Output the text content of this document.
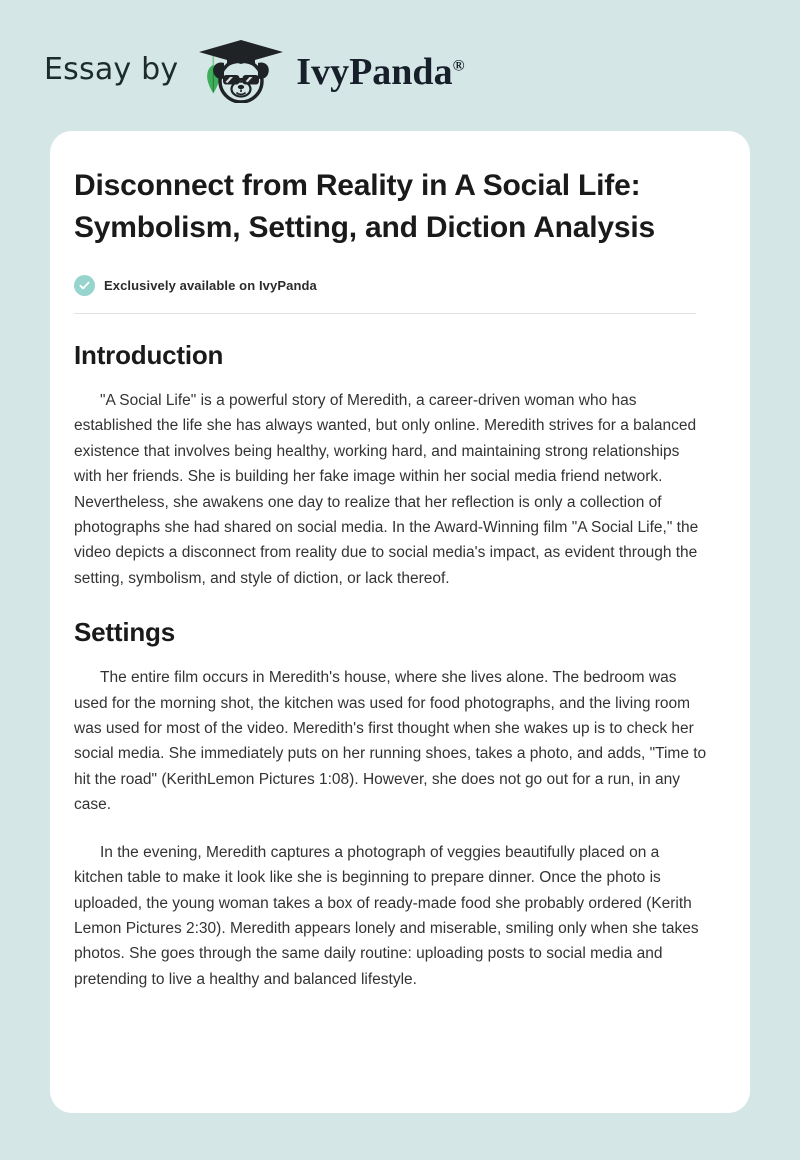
Essay by	IvyPanda®
Disconnect from Reality in A Social Life: Symbolism, Setting, and Diction Analysis
Exclusively available on IvyPanda
Introduction

"A Social Life" is a powerful story of Meredith, a career-driven woman who has established the life she has always wanted, but only online. Meredith strives for a balanced existence that involves being healthy, working hard, and maintaining strong relationships with her friends. She is building her fake image within her social media friend network. Nevertheless, she awakens one day to realize that her reflection is only a collection of photographs she had shared on social media. In the Award-Winning film "A Social Life," the video depicts a disconnect from reality due to social media's impact, as evident through the setting, symbolism, and style of diction, or lack thereof.

Settings

The entire film occurs in Meredith's house, where she lives alone. The bedroom was used for the morning shot, the kitchen was used for food photographs, and the living room was used for most of the video. Meredith's first thought when she wakes up is to check her social media. She immediately puts on her running shoes, takes a photo, and adds, "Time to hit the road" (KerithLemon Pictures 1:08). However, she does not go out for a run, in any case.

In the evening, Meredith captures a photograph of veggies beautifully placed on a kitchen table to make it look like she is beginning to prepare dinner. Once the photo is uploaded, the young woman takes a box of ready-made food she probably ordered (Kerith Lemon Pictures 2:30). Meredith appears lonely and miserable, smiling only when she takes photos. She goes through the same daily routine: uploading posts to social media and pretending to live a healthy and balanced lifestyle.
